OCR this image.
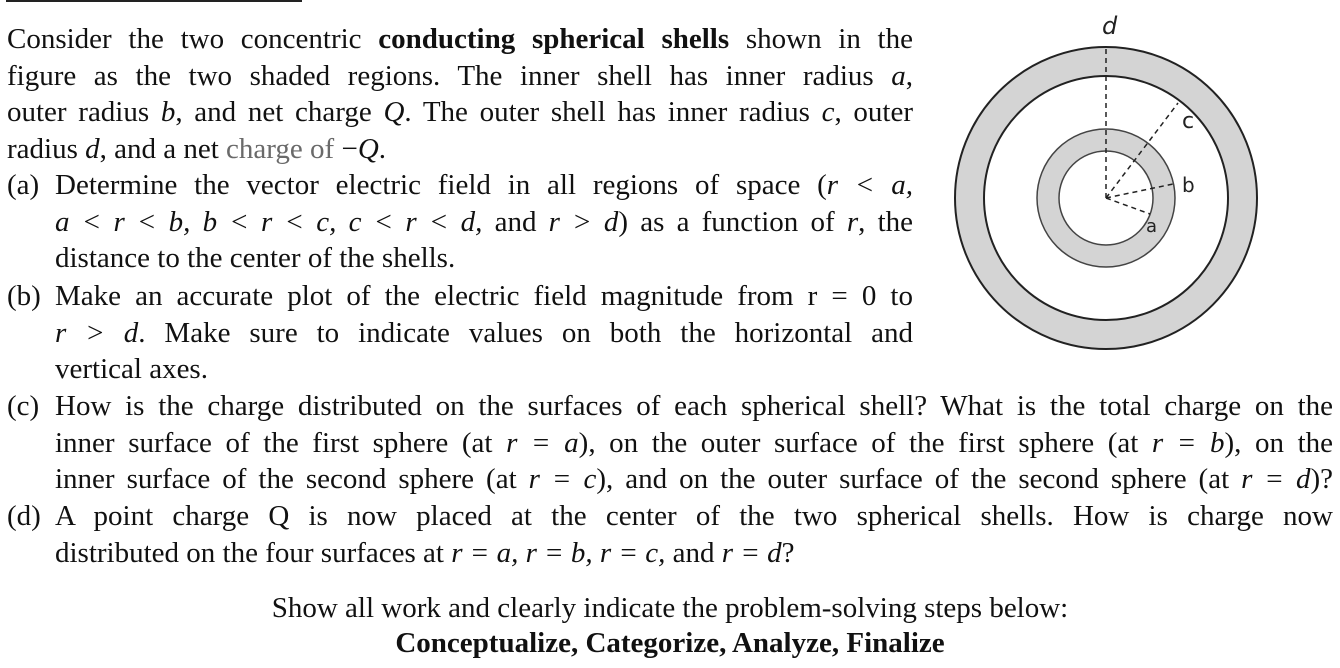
Consider the two concentric conducting spherical shells shown in the
figure as the two shaded regions. The inner shell has inner radius a,
outer radius b, and net charge Q. The outer shell has inner radius c, outer
radius d, and a net charge of −Q.
(a) Determine the vector electric field in all regions of space (r < a,
a < r < b, b < r < c, c < r < d, and r > d) as a function of r, the
distance to the center of the shells.
(b) Make an accurate plot of the electric field magnitude from r = 0 to
r > d. Make sure to indicate values on both the horizontal and
vertical axes.
(c) How is the charge distributed on the surfaces of each spherical shell? What is the total charge on the
inner surface of the first sphere (at r = a), on the outer surface of the first sphere (at r = b), on the
inner surface of the second sphere (at r = c), and on the outer surface of the second sphere (at r = d)?
(d) A point charge Q is now placed at the center of the two spherical shells. How is charge now
distributed on the four surfaces at r = a, r = b, r = c, and r = d?
Show all work and clearly indicate the problem-solving steps below:
Conceptualize, Categorize, Analyze, Finalize
d
c
b
a
